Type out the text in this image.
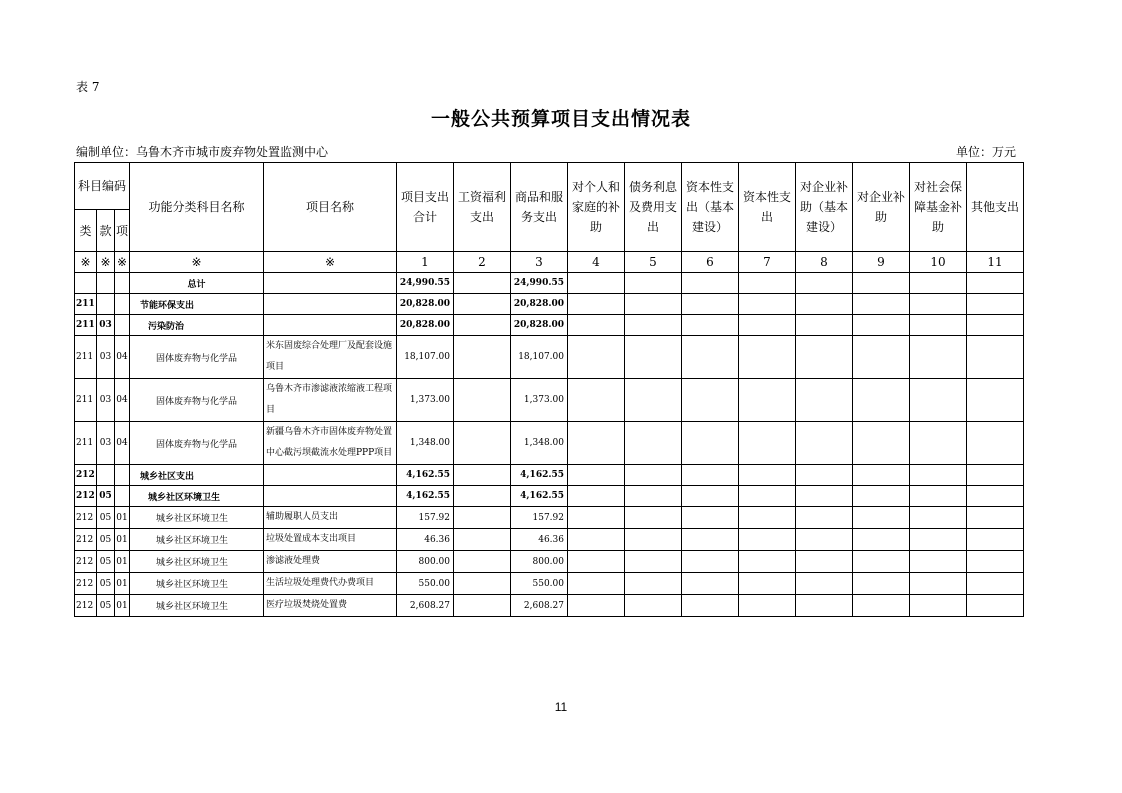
表 7
一般公共预算项目支出情况表
编制单位：乌鲁木齐市城市废弃物处置监测中心	单位：万元
科目编码			功能分类科目名称	项目名称	项目支出合计	工资福利支出	商品和服务支出	对个人和家庭的补助	债务利息及费用支出	资本性支出（基本建设）	资本性支出	对企业补助（基本建设）	对企业补助	对社会保障基金补助	其他支出
类	款	项													
※	※	※	※	※	1	2	3	4	5	6	7	8	9	10	11
			总计		24,990.55		24,990.55								
211			节能环保支出		20,828.00		20,828.00								
211	03		污染防治		20,828.00		20,828.00								
211	03	04	固体废弃物与化学品	米东固废综合处理厂及配套设施项目	18,107.00		18,107.00								
211	03	04	固体废弃物与化学品	乌鲁木齐市渗滤液浓缩液工程项目	1,373.00		1,373.00								
211	03	04	固体废弃物与化学品	新疆乌鲁木齐市固体废弃物处置中心截污坝截流水处理PPP项目	1,348.00		1,348.00								
212			城乡社区支出		4,162.55		4,162.55								
212	05		城乡社区环境卫生		4,162.55		4,162.55								
212	05	01	城乡社区环境卫生	辅助履职人员支出	157.92		157.92								
212	05	01	城乡社区环境卫生	垃圾处置成本支出项目	46.36		46.36								
212	05	01	城乡社区环境卫生	渗滤液处理费	800.00		800.00								
212	05	01	城乡社区环境卫生	生活垃圾处理费代办费项目	550.00		550.00								
212	05	01	城乡社区环境卫生	医疗垃圾焚烧处置费	2,608.27		2,608.27								
11
